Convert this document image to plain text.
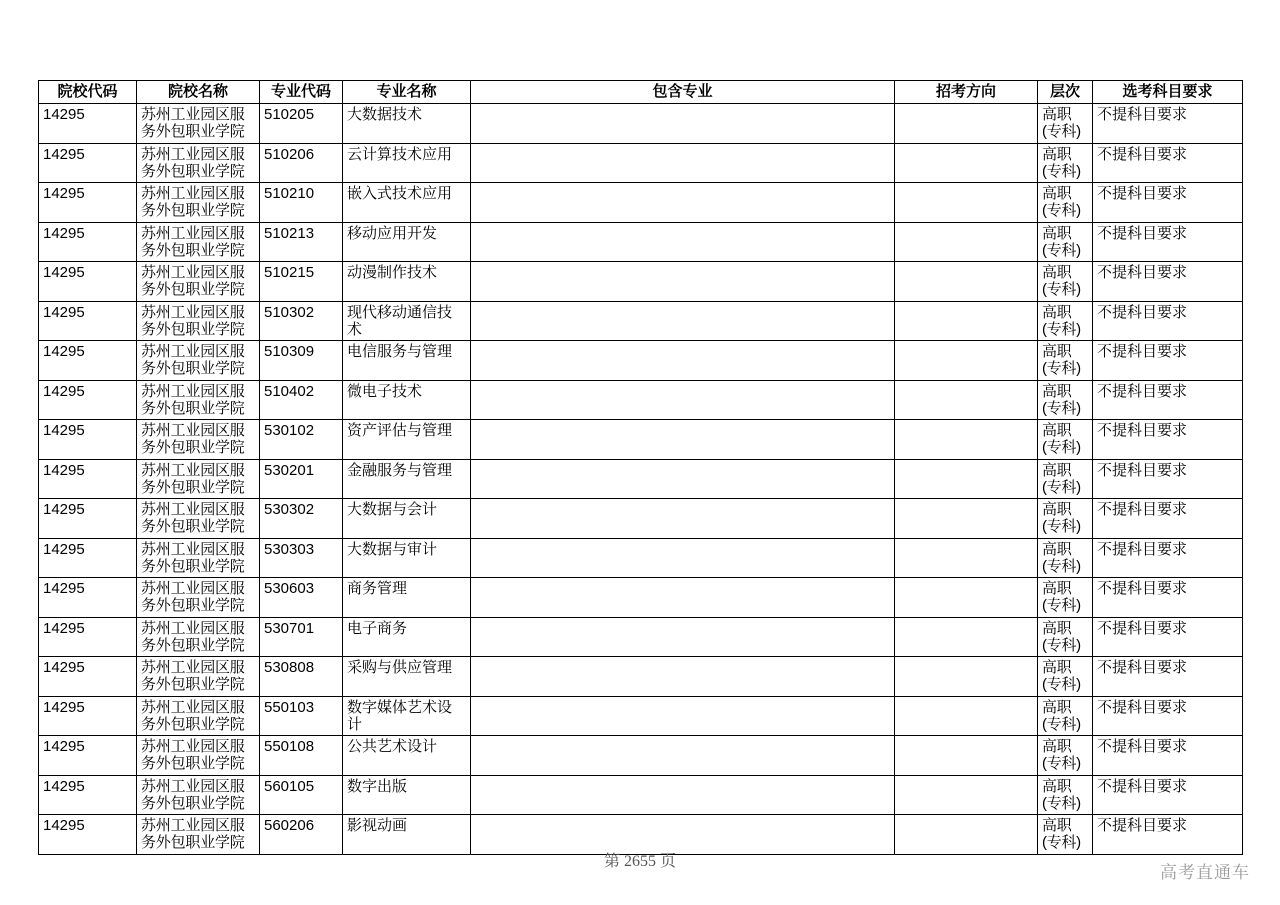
院校代码	院校名称	专业代码	专业名称	包含专业	招考方向	层次	选考科目要求
14295	苏州工业园区服务外包职业学院	510205	大数据技术			高职(专科)	不提科目要求
14295	苏州工业园区服务外包职业学院	510206	云计算技术应用			高职(专科)	不提科目要求
14295	苏州工业园区服务外包职业学院	510210	嵌入式技术应用			高职(专科)	不提科目要求
14295	苏州工业园区服务外包职业学院	510213	移动应用开发			高职(专科)	不提科目要求
14295	苏州工业园区服务外包职业学院	510215	动漫制作技术			高职(专科)	不提科目要求
14295	苏州工业园区服务外包职业学院	510302	现代移动通信技术			高职(专科)	不提科目要求
14295	苏州工业园区服务外包职业学院	510309	电信服务与管理			高职(专科)	不提科目要求
14295	苏州工业园区服务外包职业学院	510402	微电子技术			高职(专科)	不提科目要求
14295	苏州工业园区服务外包职业学院	530102	资产评估与管理			高职(专科)	不提科目要求
14295	苏州工业园区服务外包职业学院	530201	金融服务与管理			高职(专科)	不提科目要求
14295	苏州工业园区服务外包职业学院	530302	大数据与会计			高职(专科)	不提科目要求
14295	苏州工业园区服务外包职业学院	530303	大数据与审计			高职(专科)	不提科目要求
14295	苏州工业园区服务外包职业学院	530603	商务管理			高职(专科)	不提科目要求
14295	苏州工业园区服务外包职业学院	530701	电子商务			高职(专科)	不提科目要求
14295	苏州工业园区服务外包职业学院	530808	采购与供应管理			高职(专科)	不提科目要求
14295	苏州工业园区服务外包职业学院	550103	数字媒体艺术设计			高职(专科)	不提科目要求
14295	苏州工业园区服务外包职业学院	550108	公共艺术设计			高职(专科)	不提科目要求
14295	苏州工业园区服务外包职业学院	560105	数字出版			高职(专科)	不提科目要求
14295	苏州工业园区服务外包职业学院	560206	影视动画			高职(专科)	不提科目要求
第 2655 页
高考直通车
